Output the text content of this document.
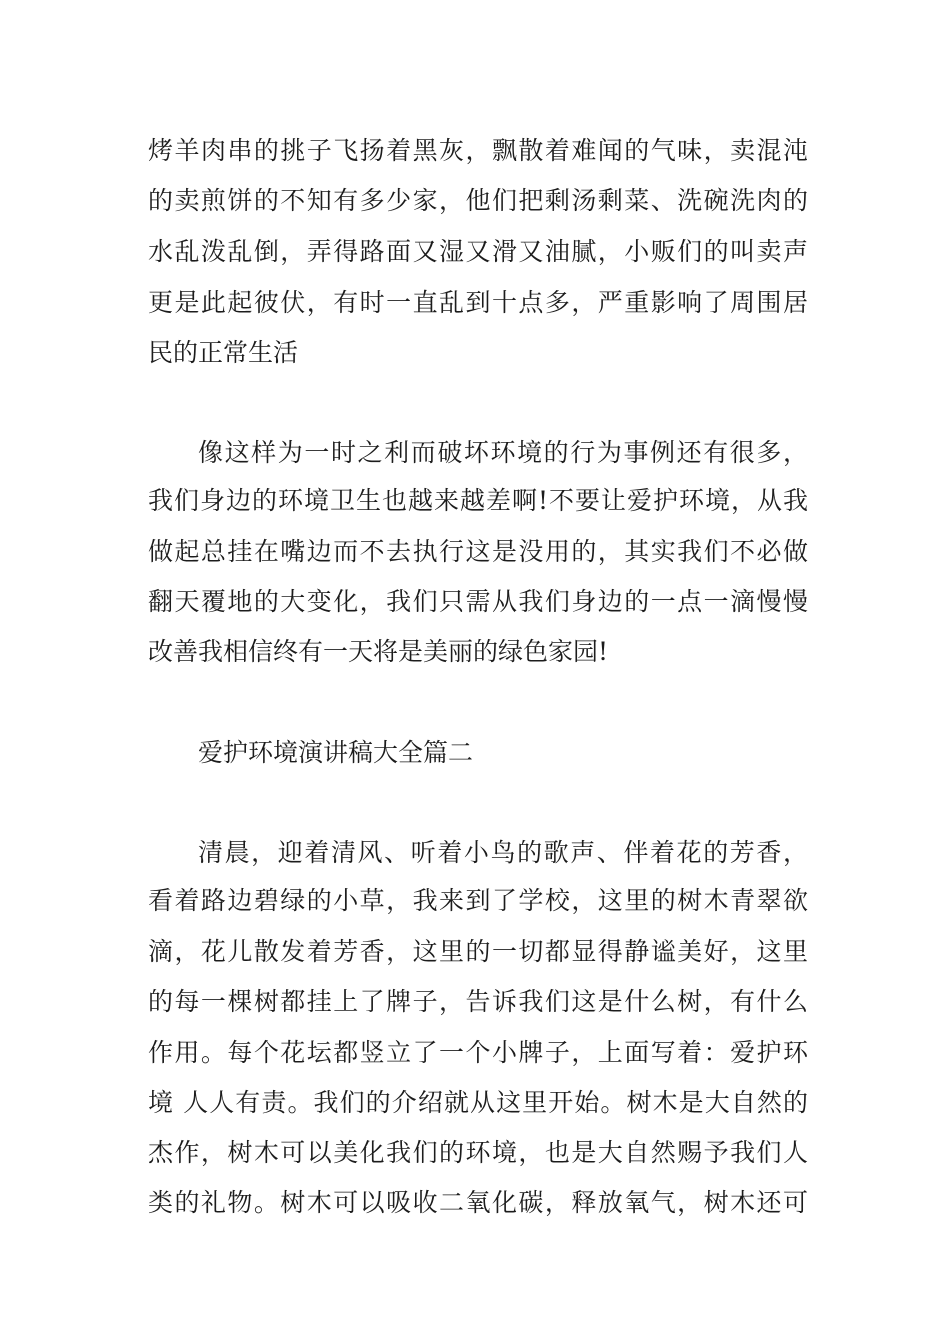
烤羊肉串的挑子飞扬着黑灰，飘散着难闻的气味，卖混沌
的卖煎饼的不知有多少家，他们把剩汤剩菜、洗碗洗肉的
水乱泼乱倒，弄得路面又湿又滑又油腻，小贩们的叫卖声
更是此起彼伏，有时一直乱到十点多，严重影响了周围居
民的正常生活
像这样为一时之利而破坏环境的行为事例还有很多，
我们身边的环境卫生也越来越差啊!不要让爱护环境，从我
做起总挂在嘴边而不去执行这是没用的，其实我们不必做
翻天覆地的大变化，我们只需从我们身边的一点一滴慢慢
改善我相信终有一天将是美丽的绿色家园!
爱护环境演讲稿大全篇二
清晨，迎着清风、听着小鸟的歌声、伴着花的芳香，
看着路边碧绿的小草，我来到了学校，这里的树木青翠欲
滴，花儿散发着芳香，这里的一切都显得静谧美好，这里
的每一棵树都挂上了牌子，告诉我们这是什么树，有什么
作用。每个花坛都竖立了一个小牌子，上面写着：爱护环
境 人人有责。我们的介绍就从这里开始。树木是大自然的
杰作，树木可以美化我们的环境，也是大自然赐予我们人
类的礼物。树木可以吸收二氧化碳，释放氧气，树木还可
